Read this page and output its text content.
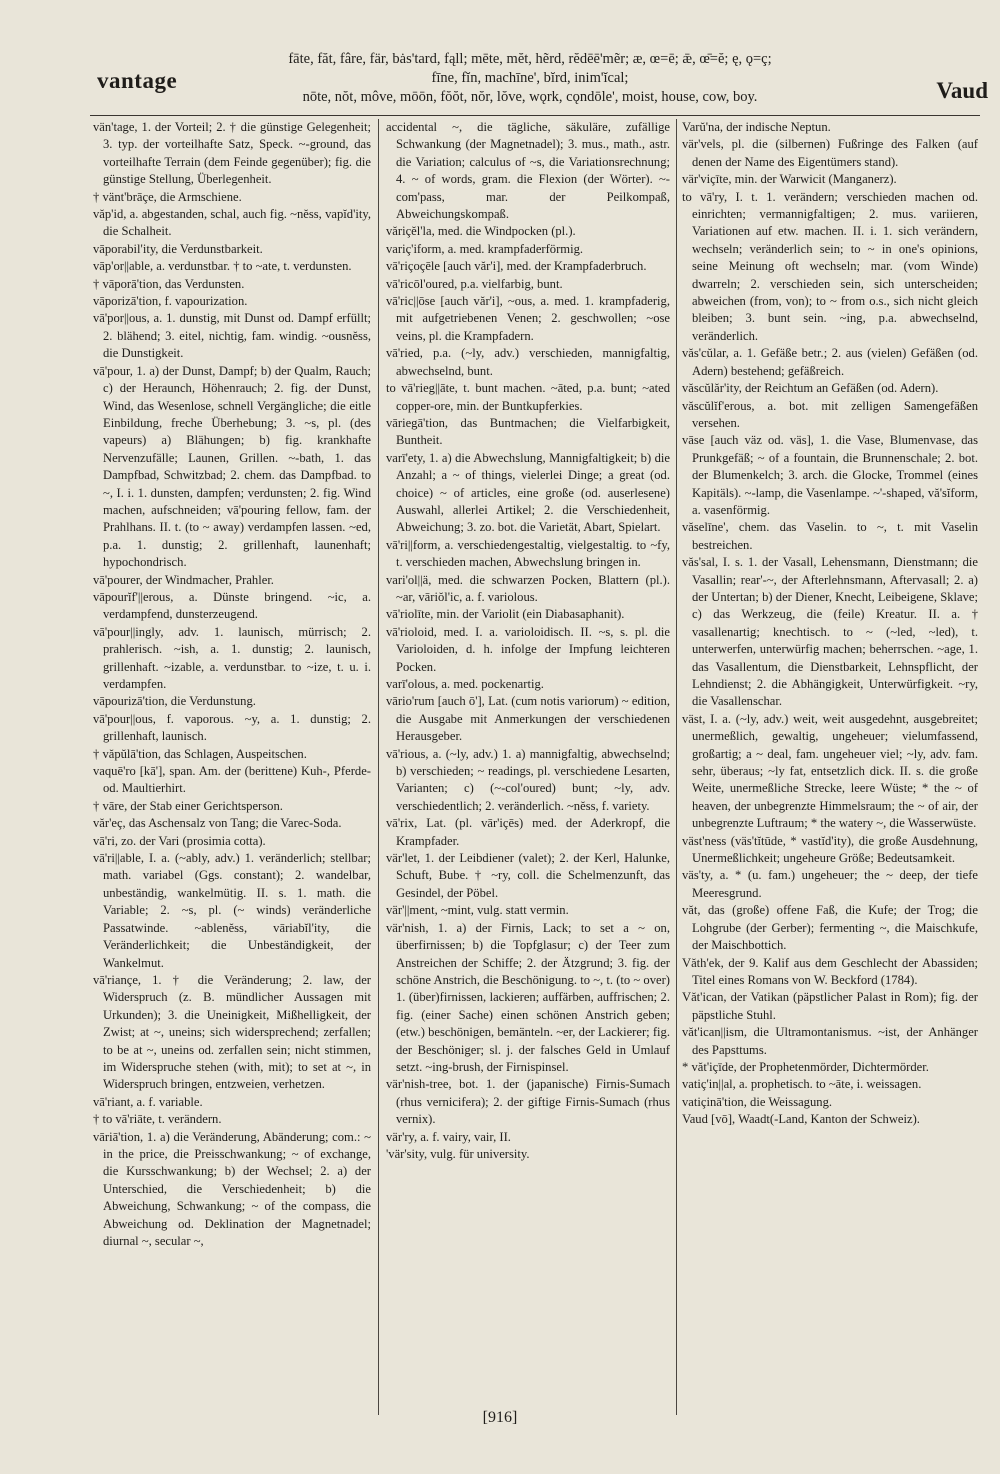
vantage
fāte, făt, fâre, fär, bȧs'tard, fąll; mēte, mĕt, hẽrd, rĕdēē'mẽr; æ, œ=ē; ǣ, œ̄=ĕ; ę, ǫ=ç;
fīne, fĭn, machīne', bĭrd, inim'ĭcal;
nōte, nŏt, môve, mōōn, fŏŏt, nŏr, lŏve, wǫrk, cǫndōle', moist, house, cow, boy.	Vaud

vän'tage, 1. der Vorteil; 2. † die günstige Gelegenheit; 3. typ. der vorteilhafte Satz, Speck. ~-ground, das vorteilhafte Terrain (dem Feinde gegenüber); fig. die günstige Stellung, Überlegenheit.

† vänt'brāçe, die Armschiene.

văp'id, a. abgestanden, schal, auch fig. ~nĕss, vapĭd'ity, die Schalheit.

vāporabil'ity, die Verdunstbarkeit.

vāp'or||able, a. verdunstbar. † to ~ate, t. verdunsten.

† vāporā'tion, das Verdunsten.

vāporizā'tion, f. vapourization.

vā'por||ous, a. 1. dunstig, mit Dunst od. Dampf erfüllt; 2. blähend; 3. eitel, nichtig, fam. windig. ~ousnĕss, die Dunstigkeit.

vā'pour, 1. a) der Dunst, Dampf; b) der Qualm, Rauch; c) der Heraunch, Höhenrauch; 2. fig. der Dunst, Wind, das Wesenlose, schnell Vergängliche; die eitle Einbildung, freche Überhebung; 3. ~s, pl. (des vapeurs) a) Blähungen; b) fig. krankhafte Nervenzufälle; Launen, Grillen. ~-bath, 1. das Dampfbad, Schwitzbad; 2. chem. das Dampfbad. to ~, I. i. 1. dunsten, dampfen; verdunsten; 2. fig. Wind machen, aufschneiden; vā'pouring fellow, fam. der Prahlhans. II. t. (to ~ away) verdampfen lassen. ~ed, p.a. 1. dunstig; 2. grillenhaft, launenhaft; hypochondrisch.

vā'pourer, der Windmacher, Prahler.

vāpourĭf'||erous, a. Dünste bringend. ~ic, a. verdampfend, dunsterzeugend.

vā'pour||ingly, adv. 1. launisch, mürrisch; 2. prahlerisch. ~ish, a. 1. dunstig; 2. launisch, grillenhaft. ~izable, a. verdunstbar. to ~ize, t. u. i. verdampfen.

vāpourizā'tion, die Verdunstung.

vā'pour||ous, f. vaporous. ~y, a. 1. dunstig; 2. grillenhaft, launisch.

† văpŭlā'tion, das Schlagen, Auspeitschen.

vaquē'ro [kā'], span. Am. der (berittene) Kuh-, Pferde- od. Maultierhirt.

† vāre, der Stab einer Gerichtsperson.

văr'eç, das Aschensalz von Tang; die Varec-Soda.

vā'ri, zo. der Vari (prosimia cotta).

vā'ri||able, I. a. (~ably, adv.) 1. veränderlich; stellbar; math. variabel (Ggs. constant); 2. wandelbar, unbeständig, wankelmütig. II. s. 1. math. die Variable; 2. ~s, pl. (~ winds) veränderliche Passatwinde. ~ablenĕss, vāriabĭl'ity, die Veränderlichkeit; die Unbeständigkeit, der Wankelmut.

vā'riançe, 1. † die Veränderung; 2. law, der Widerspruch (z. B. mündlicher Aussagen mit Urkunden); 3. die Uneinigkeit, Mißhelligkeit, der Zwist; at ~, uneins; sich widersprechend; zerfallen; to be at ~, uneins od. zerfallen sein; nicht stimmen, im Widerspruche stehen (with, mit); to set at ~, in Widerspruch bringen, entzweien, verhetzen.

vā'riant, a. f. variable.

† to vā'riāte, t. verändern.

vāriā'tion, 1. a) die Veränderung, Abänderung; com.: ~ in the price, die Preisschwankung; ~ of exchange, die Kursschwankung; b) der Wechsel; 2. a) der Unterschied, die Verschiedenheit; b) die Abweichung, Schwankung; ~ of the compass, die Abweichung od. Deklination der Magnetnadel; diurnal ~, secular ~,

accidental ~, die tägliche, säkuläre, zufällige Schwankung (der Magnetnadel); 3. mus., math., astr. die Variation; calculus of ~s, die Variationsrechnung; 4. ~ of words, gram. die Flexion (der Wörter). ~-com'pass, mar. der Peilkompaß, Abweichungskompaß.

văriçĕl'la, med. die Windpocken (pl.).

variç'iform, a. med. krampfaderförmig.

vā'riçoçēle [auch văr'i], med. der Krampfaderbruch.

vā'ricōl'oured, p.a. vielfarbig, bunt.

vā'ric||ōse [auch văr'i], ~ous, a. med. 1. krampfaderig, mit aufgetriebenen Venen; 2. geschwollen; ~ose veins, pl. die Krampfadern.

vā'ried, p.a. (~ly, adv.) verschieden, mannigfaltig, abwechselnd, bunt.

to vā'rieg||āte, t. bunt machen. ~āted, p.a. bunt; ~ated copper-ore, min. der Buntkupferkies.

vāriegā'tion, das Buntmachen; die Vielfarbigkeit, Buntheit.

varī'ety, 1. a) die Abwechslung, Mannigfaltigkeit; b) die Anzahl; a ~ of things, vielerlei Dinge; a great (od. choice) ~ of articles, eine große (od. auserlesene) Auswahl, allerlei Artikel; 2. die Verschiedenheit, Abweichung; 3. zo. bot. die Varietät, Abart, Spielart.

vā'ri||form, a. verschiedengestaltig, vielgestaltig. to ~fy, t. verschieden machen, Abwechslung bringen in.

vari'ol||ä, med. die schwarzen Pocken, Blattern (pl.). ~ar, vāriŏl'ic, a. f. variolous.

vā'riolīte, min. der Variolit (ein Diabasaphanit).

vā'rioloid, med. I. a. varioloidisch. II. ~s, s. pl. die Varioloiden, d. h. infolge der Impfung leichteren Pocken.

varī'olous, a. med. pockenartig.

vārio'rum [auch ō'], Lat. (cum notis variorum) ~ edition, die Ausgabe mit Anmerkungen der verschiedenen Herausgeber.

vā'rious, a. (~ly, adv.) 1. a) mannigfaltig, abwechselnd; b) verschieden; ~ readings, pl. verschiedene Lesarten, Varianten; c) (~-col'oured) bunt; ~ly, adv. verschiedentlich; 2. veränderlich. ~nĕss, f. variety.

vā'rix, Lat. (pl. vār'içēs) med. der Aderkropf, die Krampfader.

vär'let, 1. der Leibdiener (valet); 2. der Kerl, Halunke, Schuft, Bube. † ~ry, coll. die Schelmenzunft, das Gesindel, der Pöbel.

vär'||ment, ~mint, vulg. statt vermin.

vär'nish, 1. a) der Firnis, Lack; to set a ~ on, überfirnissen; b) die Topfglasur; c) der Teer zum Anstreichen der Schiffe; 2. der Ätzgrund; 3. fig. der schöne Anstrich, die Beschönigung. to ~, t. (to ~ over) 1. (über)firnissen, lackieren; auffärben, auffrischen; 2. fig. (einer Sache) einen schönen Anstrich geben; (etw.) beschönigen, bemänteln. ~er, der Lackierer; fig. der Beschöniger; sl. j. der falsches Geld in Umlauf setzt. ~ing-brush, der Firnispinsel.

vär'nish-tree, bot. 1. der (japanische) Firnis-Sumach (rhus vernicifera); 2. der giftige Firnis-Sumach (rhus vernix).

vär'ry, a. f. vairy, vair, II.

'vär'sity, vulg. für university.

Varŭ'na, der indische Neptun.

vär'vels, pl. die (silbernen) Fußringe des Falken (auf denen der Name des Eigentümers stand).

vär'viçīte, min. der Warwicit (Manganerz).

to vā'ry, I. t. 1. verändern; verschieden machen od. einrichten; vermannigfaltigen; 2. mus. variieren, Variationen auf etw. machen. II. i. 1. sich verändern, wechseln; veränderlich sein; to ~ in one's opinions, seine Meinung oft wechseln; mar. (vom Winde) dwarreln; 2. verschieden sein, sich unterscheiden; abweichen (from, von); to ~ from o.s., sich nicht gleich bleiben; 3. bunt sein. ~ing, p.a. abwechselnd, veränderlich.

văs'cŭlar, a. 1. Gefäße betr.; 2. aus (vielen) Gefäßen (od. Adern) bestehend; gefäßreich.

văscŭlăr'ity, der Reichtum an Gefäßen (od. Adern).

văscŭlĭf'erous, a. bot. mit zelligen Samengefäßen versehen.

vāse [auch väz od. väs], 1. die Vase, Blumenvase, das Prunkgefäß; ~ of a fountain, die Brunnenschale; 2. bot. der Blumenkelch; 3. arch. die Glocke, Trommel (eines Kapitäls). ~-lamp, die Vasenlampe. ~'-shaped, vă'sĭform, a. vasenförmig.

văselīne', chem. das Vaselin. to ~, t. mit Vaselin bestreichen.

văs'sal, I. s. 1. der Vasall, Lehensmann, Dienstmann; die Vasallin; rear'-~, der Afterlehnsmann, Aftervasall; 2. a) der Untertan; b) der Diener, Knecht, Leibeigene, Sklave; c) das Werkzeug, die (feile) Kreatur. II. a. † vasallenartig; knechtisch. to ~ (~led, ~led), t. unterwerfen, unterwürfig machen; beherrschen. ~age, 1. das Vasallentum, die Dienstbarkeit, Lehnspflicht, der Lehndienst; 2. die Abhängigkeit, Unterwürfigkeit. ~ry, die Vasallenschar.

väst, I. a. (~ly, adv.) weit, weit ausgedehnt, ausgebreitet; unermeßlich, gewaltig, ungeheuer; vielumfassend, großartig; a ~ deal, fam. ungeheuer viel; ~ly, adv. fam. sehr, überaus; ~ly fat, entsetzlich dick. II. s. die große Weite, unermeßliche Strecke, leere Wüste; * the ~ of heaven, der unbegrenzte Himmelsraum; the ~ of air, der unbegrenzte Luftraum; * the watery ~, die Wasserwüste.

väst'ness (väs'tĭtūde, * vastĭd'ity), die große Ausdehnung, Unermeßlichkeit; ungeheure Größe; Bedeutsamkeit.

väs'ty, a. * (u. fam.) ungeheuer; the ~ deep, der tiefe Meeresgrund.

văt, das (große) offene Faß, die Kufe; der Trog; die Lohgrube (der Gerber); fermenting ~, die Maischkufe, der Maischbottich.

Văth'ek, der 9. Kalif aus dem Geschlecht der Abassiden; Titel eines Romans von W. Beckford (1784).

Văt'ican, der Vatikan (päpstlicher Palast in Rom); fig. der päpstliche Stuhl.

văt'ican||ism, die Ultramontanismus. ~ist, der Anhänger des Papsttums.

* văt'içīde, der Prophetenmörder, Dichtermörder.

vatiç'in||al, a. prophetisch. to ~āte, i. weissagen.

vatiçinā'tion, die Weissagung.

Vaud [vō], Waadt(-Land, Kanton der Schweiz).

[916]
